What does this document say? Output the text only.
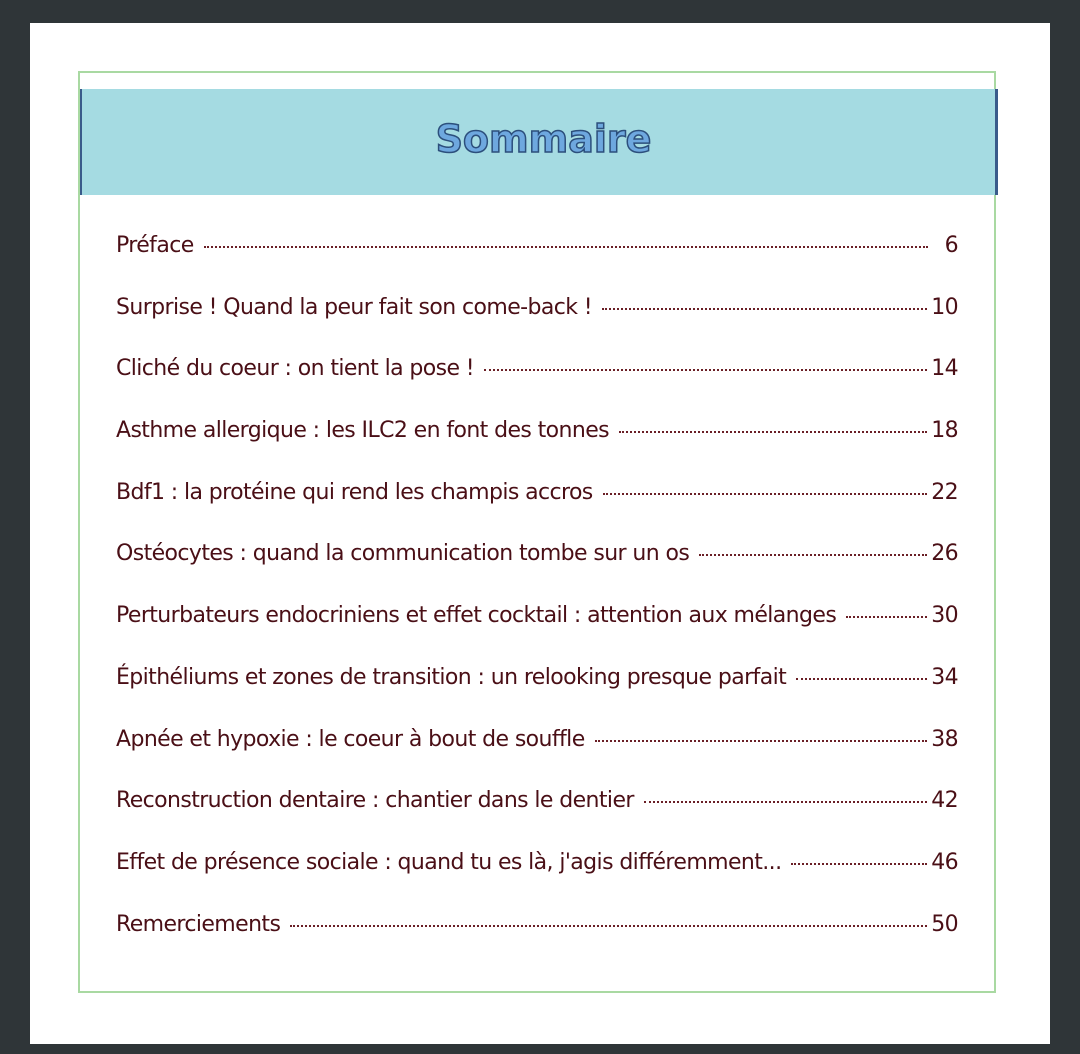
Sommaire
Préface	6
Surprise ! Quand la peur fait son come-back !	10
Cliché du coeur : on tient la pose !	14
Asthme allergique : les ILC2 en font des tonnes	18
Bdf1 : la protéine qui rend les champis accros	22
Ostéocytes : quand la communication tombe sur un os	26
Perturbateurs endocriniens et effet cocktail : attention aux mélanges	30
Épithéliums et zones de transition : un relooking presque parfait	34
Apnée et hypoxie : le coeur à bout de souffle	38
Reconstruction dentaire : chantier dans le dentier	42
Effet de présence sociale : quand tu es là, j'agis différemment...	46
Remerciements	50
